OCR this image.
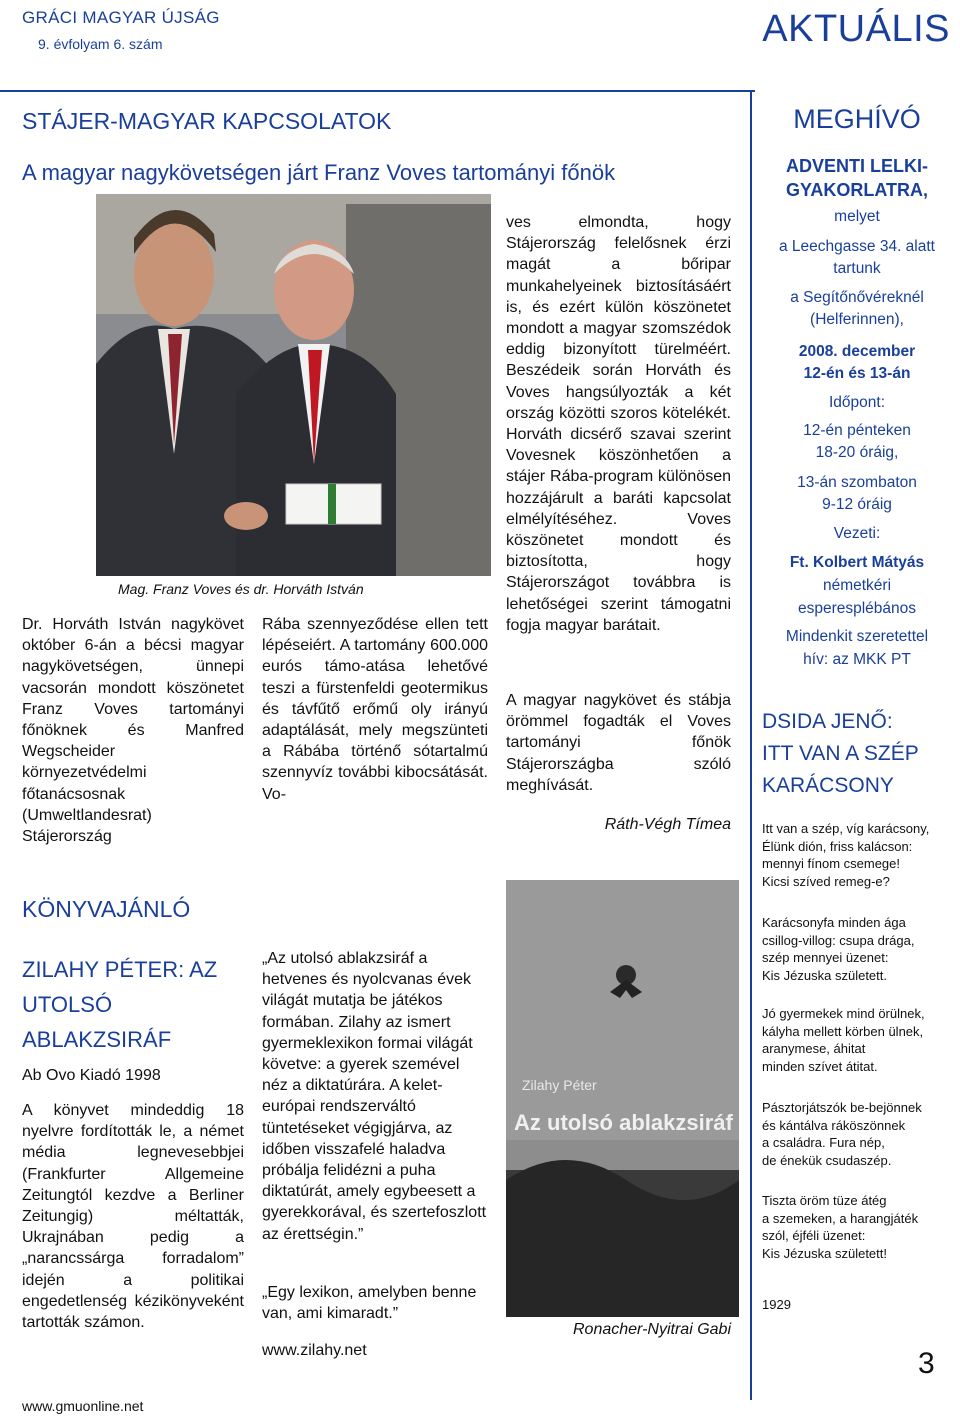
GRÁCI MAGYAR ÚJSÁG
9. évfolyam 6. szám	AKTUÁLIS
STÁJER-MAGYAR KAPCSOLATOK
A magyar nagykövetségen járt Franz Voves tartományi főnök
Mag. Franz Voves és dr. Horváth István
Dr. Horváth István nagykövet október 6-án a bécsi magyar nagykövetségen, ünnepi vacsorán mondott köszönetet Franz Voves tartományi főnöknek és Manfred Wegscheider környezetvédelmi főtanácsosnak (Umweltlandesrat) Stájerország
Rába szennyeződése ellen tett lépéseiért. A tartomány 600.000 eurós támo-atása lehetővé teszi a fürstenfeldi geotermikus és távfűtő erőmű oly irányú adaptálását, mely megszünteti a Rábába történő sótartalmú szennyvíz további kibocsátását. Vo-
ves elmondta, hogy Stájerország felelősnek érzi magát a bőripar munkahelyeinek biztosításáért is, és ezért külön köszönetet mondott a magyar szomszédok eddig bizonyított türelméért. Beszédeik során Horváth és Voves hangsúlyozták a két ország közötti szoros kötelékét. Horváth dicsérő szavai szerint Vovesnek köszönhetően a stájer Rába-program különösen hozzájárult a baráti kapcsolat elmélyítéséhez. Voves köszönetet mondott és biztosította, hogy Stájerországot továbbra is lehetőségei szerint támogatni fogja magyar barátait.
A magyar nagykövet és stábja örömmel fogadták el Voves tartományi főnök Stájerországba szóló meghívását.
Ráth-Végh Tímea
KÖNYVAJÁNLÓ
ZILAHY PÉTER: AZ
UTOLSÓ
ABLAKZSIRÁF
Ab Ovo Kiadó 1998
A könyvet mindeddig 18 nyelvre fordították le, a német média legnevesebbjei (Frankfurter Allgemeine Zeitungtól kezdve a Berliner Zeitungig) méltatták, Ukrajnában pedig a „narancssárga forradalom” idején a politikai engedetlenség kézikönyveként tartották számon.
„Az utolsó ablakzsiráf a hetvenes és nyolcvanas évek világát mutatja be játékos formában. Zilahy az ismert gyermeklexikon formai világát követve: a gyerek szemével néz a diktatúrára. A kelet-európai rendszerváltó tüntetéseket végigjárva, az időben visszafelé haladva próbálja felidézni a puha diktatúrát, amely egybeesett a gyerekkorával, és szertefoszlott az érettségin.”
„Egy lexikon, amelyben benne van, ami kimaradt.”
www.zilahy.net
Zilahy Péter
Az utolsó ablakzsiráf
Ronacher-Nyitrai Gabi
MEGHÍVÓ
ADVENTI LELKI-
GYAKORLATRA,
melyet
a Leechgasse 34. alatt
tartunk
a Segítőnővéreknél
(Helferinnen),
2008. december
12-én és 13-án
Időpont:
12-én pénteken
18-20 óráig,
13-án szombaton
9-12 óráig
Vezeti:
Ft. Kolbert Mátyás
németkéri
esperesplébános
Mindenkit szeretettel
hív: az MKK PT
DSIDA JENŐ:
ITT VAN A SZÉP
KARÁCSONY
Itt van a szép, víg karácsony,
Élünk dión, friss kalácson:
mennyi fínom csemege!
Kicsi szíved remeg-e?
Karácsonyfa minden ága
csillog-villog: csupa drága,
szép mennyei üzenet:
Kis Jézuska született.
Jó gyermekek mind örülnek,
kályha mellett körben ülnek,
aranymese, áhitat
minden szívet átitat.
Pásztorjátszók be-bejönnek
és kántálva ráköszönnek
a családra. Fura nép,
de énekük csudaszép.
Tiszta öröm tüze átég
a szemeken, a harangjáték
szól, éjféli üzenet:
Kis Jézuska született!
1929
www.gmuonline.net
3
